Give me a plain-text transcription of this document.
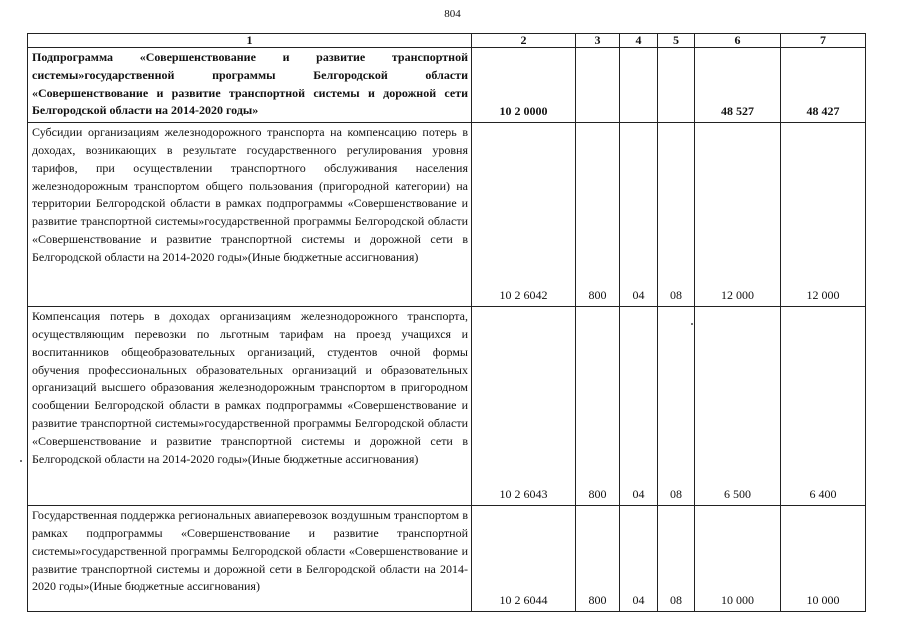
804
1	2	3	4	5	6	7
Подпрограмма «Совершенствование и развитие транспортной системы»государственной программы Белгородской области «Совершенствование и развитие транспортной системы и дорожной сети Белгородской области на 2014-2020 годы»	10 2 0000				48 527	48 427
Субсидии организациям железнодорожного транспорта на компенсацию потерь в доходах, возникающих в результате государственного регулирования уровня тарифов, при осуществлении транспортного обслуживания населения железнодорожным транспортом общего пользования (пригородной категории) на территории Белгородской области в рамках подпрограммы «Совершенствование и развитие транспортной системы»государственной программы Белгородской области «Совершенствование и развитие транспортной системы и дорожной сети в Белгородской области на 2014-2020 годы»(Иные бюджетные ассигнования)	10 2 6042	800	04	08	12 000	12 000
Компенсация потерь в доходах организациям железнодорожного транспорта, осуществляющим перевозки по льготным тарифам на проезд учащихся и воспитанников общеобразовательных организаций, студентов очной формы обучения профессиональных образовательных организаций и образовательных организаций высшего образования железнодорожным транспортом в пригородном сообщении Белгородской области в рамках подпрограммы «Совершенствование и развитие транспортной системы»государственной программы Белгородской области «Совершенствование и развитие транспортной системы и дорожной сети в Белгородской области на 2014-2020 годы»(Иные бюджетные ассигнования)	10 2 6043	800	04	08	6 500	6 400
Государственная поддержка региональных авиаперевозок воздушным транспортом в рамках подпрограммы «Совершенствование и развитие транспортной системы»государственной программы Белгородской области «Совершенствование и развитие транспортной системы и дорожной сети в Белгородской области на 2014-2020 годы»(Иные бюджетные ассигнования)	10 2 6044	800	04	08	10 000	10 000
